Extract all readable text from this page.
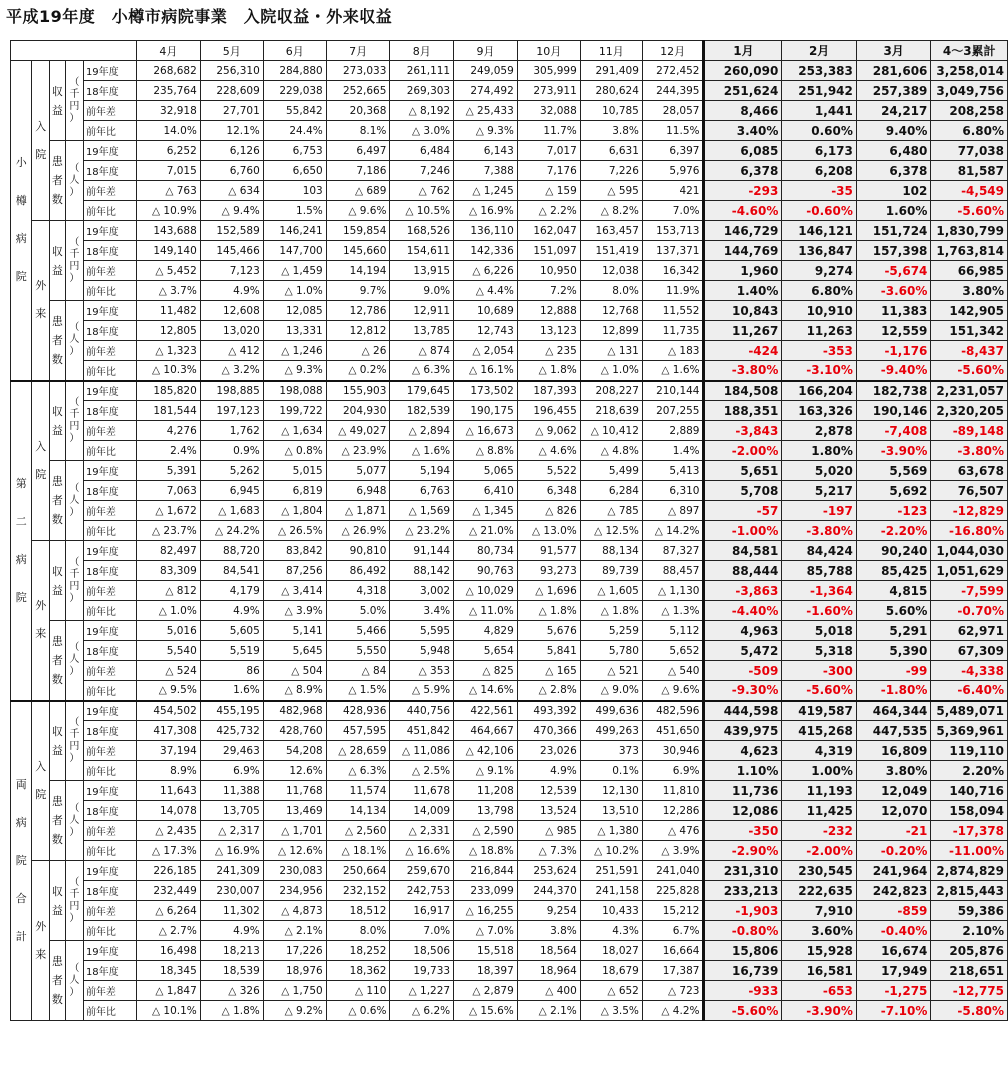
平成19年度　小樽市病院事業　入院収益・外来収益
					4月	5月	6月	7月	8月	9月	10月	11月	12月	1月	2月	3月	4～3累計
小
樽
病
院	入
院	収
益	（
千
円
）	19年度	268,682	256,310	284,880	273,033	261,111	249,059	305,999	291,409	272,452	260,090	253,383	281,606	3,258,014
				18年度	235,764	228,609	229,038	252,665	269,303	274,492	273,911	280,624	244,395	251,624	251,942	257,389	3,049,756
				前年差	32,918	27,701	55,842	20,368	△ 8,192	△ 25,433	32,088	10,785	28,057	8,466	1,441	24,217	208,258
				前年比	14.0%	12.1%	24.4%	8.1%	△ 3.0%	△ 9.3%	11.7%	3.8%	11.5%	3.40%	0.60%	9.40%	6.80%
		患
者
数	（
人
）	19年度	6,252	6,126	6,753	6,497	6,484	6,143	7,017	6,631	6,397	6,085	6,173	6,480	77,038
				18年度	7,015	6,760	6,650	7,186	7,246	7,388	7,176	7,226	5,976	6,378	6,208	6,378	81,587
				前年差	△ 763	△ 634	103	△ 689	△ 762	△ 1,245	△ 159	△ 595	421	-293	-35	102	-4,549
				前年比	△ 10.9%	△ 9.4%	1.5%	△ 9.6%	△ 10.5%	△ 16.9%	△ 2.2%	△ 8.2%	7.0%	-4.60%	-0.60%	1.60%	-5.60%
	外
来	収
益	（
千
円
）	19年度	143,688	152,589	146,241	159,854	168,526	136,110	162,047	163,457	153,713	146,729	146,121	151,724	1,830,799
				18年度	149,140	145,466	147,700	145,660	154,611	142,336	151,097	151,419	137,371	144,769	136,847	157,398	1,763,814
				前年差	△ 5,452	7,123	△ 1,459	14,194	13,915	△ 6,226	10,950	12,038	16,342	1,960	9,274	-5,674	66,985
				前年比	△ 3.7%	4.9%	△ 1.0%	9.7%	9.0%	△ 4.4%	7.2%	8.0%	11.9%	1.40%	6.80%	-3.60%	3.80%
		患
者
数	（
人
）	19年度	11,482	12,608	12,085	12,786	12,911	10,689	12,888	12,768	11,552	10,843	10,910	11,383	142,905
				18年度	12,805	13,020	13,331	12,812	13,785	12,743	13,123	12,899	11,735	11,267	11,263	12,559	151,342
				前年差	△ 1,323	△ 412	△ 1,246	△ 26	△ 874	△ 2,054	△ 235	△ 131	△ 183	-424	-353	-1,176	-8,437
				前年比	△ 10.3%	△ 3.2%	△ 9.3%	△ 0.2%	△ 6.3%	△ 16.1%	△ 1.8%	△ 1.0%	△ 1.6%	-3.80%	-3.10%	-9.40%	-5.60%
第
二
病
院	入
院	収
益	（
千
円
）	19年度	185,820	198,885	198,088	155,903	179,645	173,502	187,393	208,227	210,144	184,508	166,204	182,738	2,231,057
				18年度	181,544	197,123	199,722	204,930	182,539	190,175	196,455	218,639	207,255	188,351	163,326	190,146	2,320,205
				前年差	4,276	1,762	△ 1,634	△ 49,027	△ 2,894	△ 16,673	△ 9,062	△ 10,412	2,889	-3,843	2,878	-7,408	-89,148
				前年比	2.4%	0.9%	△ 0.8%	△ 23.9%	△ 1.6%	△ 8.8%	△ 4.6%	△ 4.8%	1.4%	-2.00%	1.80%	-3.90%	-3.80%
		患
者
数	（
人
）	19年度	5,391	5,262	5,015	5,077	5,194	5,065	5,522	5,499	5,413	5,651	5,020	5,569	63,678
				18年度	7,063	6,945	6,819	6,948	6,763	6,410	6,348	6,284	6,310	5,708	5,217	5,692	76,507
				前年差	△ 1,672	△ 1,683	△ 1,804	△ 1,871	△ 1,569	△ 1,345	△ 826	△ 785	△ 897	-57	-197	-123	-12,829
				前年比	△ 23.7%	△ 24.2%	△ 26.5%	△ 26.9%	△ 23.2%	△ 21.0%	△ 13.0%	△ 12.5%	△ 14.2%	-1.00%	-3.80%	-2.20%	-16.80%
	外
来	収
益	（
千
円
）	19年度	82,497	88,720	83,842	90,810	91,144	80,734	91,577	88,134	87,327	84,581	84,424	90,240	1,044,030
				18年度	83,309	84,541	87,256	86,492	88,142	90,763	93,273	89,739	88,457	88,444	85,788	85,425	1,051,629
				前年差	△ 812	4,179	△ 3,414	4,318	3,002	△ 10,029	△ 1,696	△ 1,605	△ 1,130	-3,863	-1,364	4,815	-7,599
				前年比	△ 1.0%	4.9%	△ 3.9%	5.0%	3.4%	△ 11.0%	△ 1.8%	△ 1.8%	△ 1.3%	-4.40%	-1.60%	5.60%	-0.70%
		患
者
数	（
人
）	19年度	5,016	5,605	5,141	5,466	5,595	4,829	5,676	5,259	5,112	4,963	5,018	5,291	62,971
				18年度	5,540	5,519	5,645	5,550	5,948	5,654	5,841	5,780	5,652	5,472	5,318	5,390	67,309
				前年差	△ 524	86	△ 504	△ 84	△ 353	△ 825	△ 165	△ 521	△ 540	-509	-300	-99	-4,338
				前年比	△ 9.5%	1.6%	△ 8.9%	△ 1.5%	△ 5.9%	△ 14.6%	△ 2.8%	△ 9.0%	△ 9.6%	-9.30%	-5.60%	-1.80%	-6.40%
両
病
院
合
計	入
院	収
益	（
千
円
）	19年度	454,502	455,195	482,968	428,936	440,756	422,561	493,392	499,636	482,596	444,598	419,587	464,344	5,489,071
				18年度	417,308	425,732	428,760	457,595	451,842	464,667	470,366	499,263	451,650	439,975	415,268	447,535	5,369,961
				前年差	37,194	29,463	54,208	△ 28,659	△ 11,086	△ 42,106	23,026	373	30,946	4,623	4,319	16,809	119,110
				前年比	8.9%	6.9%	12.6%	△ 6.3%	△ 2.5%	△ 9.1%	4.9%	0.1%	6.9%	1.10%	1.00%	3.80%	2.20%
		患
者
数	（
人
）	19年度	11,643	11,388	11,768	11,574	11,678	11,208	12,539	12,130	11,810	11,736	11,193	12,049	140,716
				18年度	14,078	13,705	13,469	14,134	14,009	13,798	13,524	13,510	12,286	12,086	11,425	12,070	158,094
				前年差	△ 2,435	△ 2,317	△ 1,701	△ 2,560	△ 2,331	△ 2,590	△ 985	△ 1,380	△ 476	-350	-232	-21	-17,378
				前年比	△ 17.3%	△ 16.9%	△ 12.6%	△ 18.1%	△ 16.6%	△ 18.8%	△ 7.3%	△ 10.2%	△ 3.9%	-2.90%	-2.00%	-0.20%	-11.00%
	外
来	収
益	（
千
円
）	19年度	226,185	241,309	230,083	250,664	259,670	216,844	253,624	251,591	241,040	231,310	230,545	241,964	2,874,829
				18年度	232,449	230,007	234,956	232,152	242,753	233,099	244,370	241,158	225,828	233,213	222,635	242,823	2,815,443
				前年差	△ 6,264	11,302	△ 4,873	18,512	16,917	△ 16,255	9,254	10,433	15,212	-1,903	7,910	-859	59,386
				前年比	△ 2.7%	4.9%	△ 2.1%	8.0%	7.0%	△ 7.0%	3.8%	4.3%	6.7%	-0.80%	3.60%	-0.40%	2.10%
		患
者
数	（
人
）	19年度	16,498	18,213	17,226	18,252	18,506	15,518	18,564	18,027	16,664	15,806	15,928	16,674	205,876
				18年度	18,345	18,539	18,976	18,362	19,733	18,397	18,964	18,679	17,387	16,739	16,581	17,949	218,651
				前年差	△ 1,847	△ 326	△ 1,750	△ 110	△ 1,227	△ 2,879	△ 400	△ 652	△ 723	-933	-653	-1,275	-12,775
				前年比	△ 10.1%	△ 1.8%	△ 9.2%	△ 0.6%	△ 6.2%	△ 15.6%	△ 2.1%	△ 3.5%	△ 4.2%	-5.60%	-3.90%	-7.10%	-5.80%
